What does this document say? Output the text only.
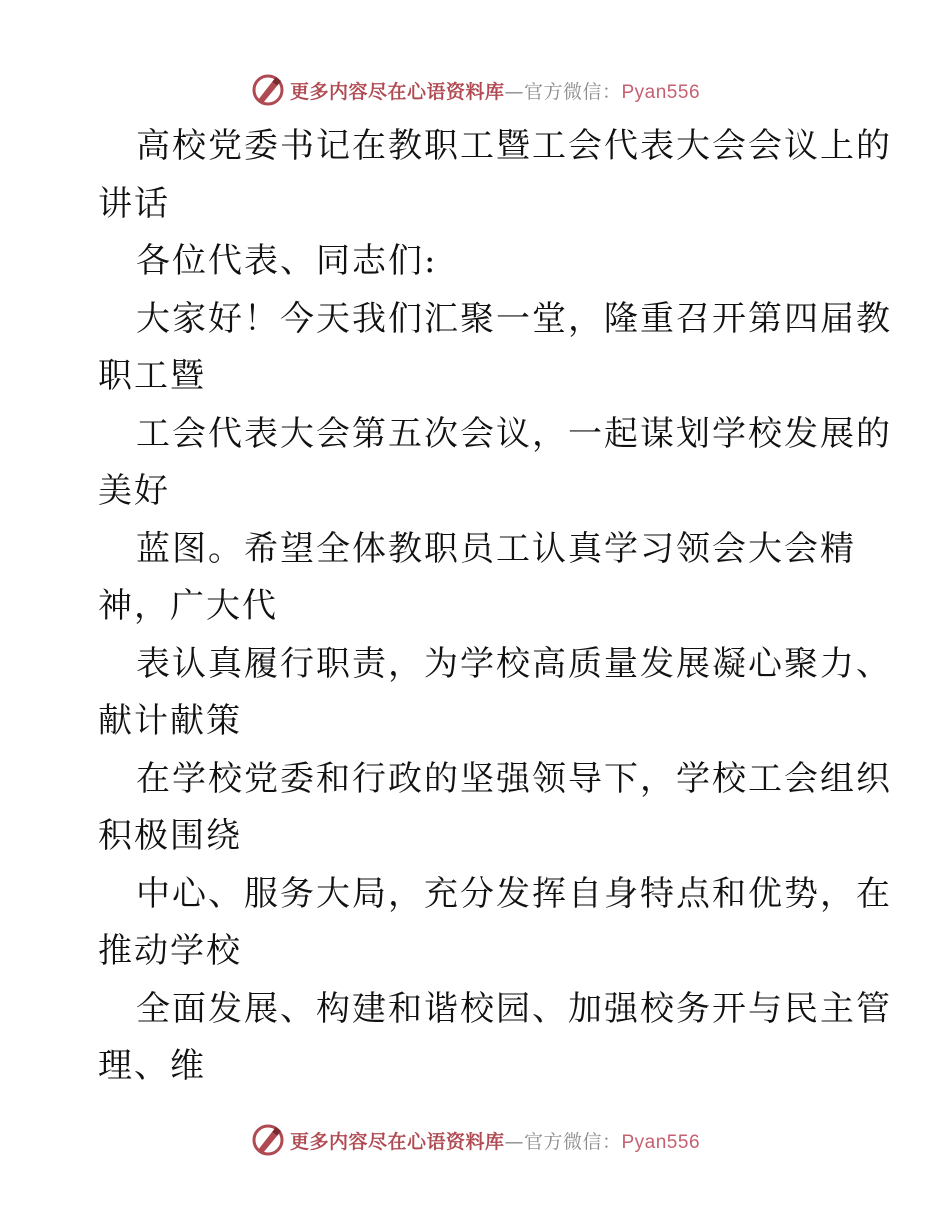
更多内容尽在心语资料库—官方微信：Pyan556
高校党委书记在教职工暨工会代表大会会议上的
讲话
各位代表、同志们:
大家好！今天我们汇聚一堂，隆重召开第四届教
职工暨
工会代表大会第五次会议，一起谋划学校发展的
美好
蓝图。希望全体教职员工认真学习领会大会精
神，广大代
表认真履行职责，为学校高质量发展凝心聚力、
献计献策
在学校党委和行政的坚强领导下，学校工会组织
积极围绕
中心、服务大局，充分发挥自身特点和优势，在
推动学校
全面发展、构建和谐校园、加强校务开与民主管
理、维
更多内容尽在心语资料库—官方微信：Pyan556
